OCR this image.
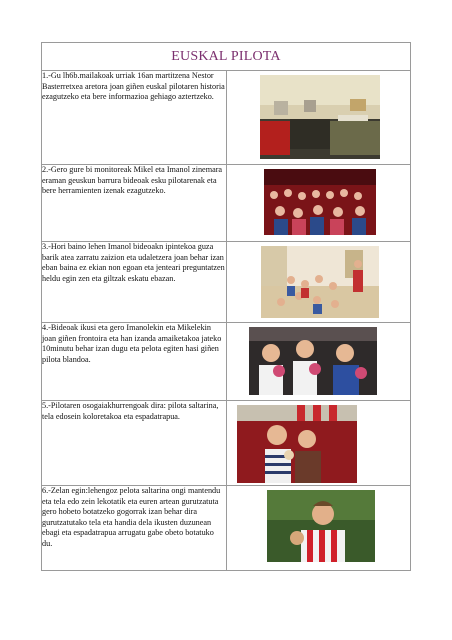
EUSKAL PILOTA	

1.-Gu lh6b.mailakoak urriak 16an martitzena Nestor Basterretxea aretora joan giñen euskal pilotaren historia ezagutzeko eta bere informazioa gehiago aztertzeko.

2.-Gero gure bi monitoreak Mikel eta Imanol zinemara eraman geuskun barrura bideoak esku pilotarenak eta bere herramienten izenak ezagutzeko.

3.-Hori baino lehen Imanol bideoakn ipintekoa guza barik atea zarratu zaizion eta udaletzera joan behar izan eban baina ez ekian non egoan eta jenteari preguntatzen heldu egin zen eta giltzak eskatu ebazan.

4.-Bideoak ikusi eta gero Imanolekin eta Mikelekin joan giñen frontoira eta han izanda amaiketakoa jateko 10minutu behar izan dugu eta pelota egiten hasi giñen pilota blandoa.

5.-Pilotaren osogaiakhurrengoak dira: pilota saltarina, tela edosein koloretakoa eta espadatrapua.

6.-Zelan egin:lehengoz pelota saltarina ongi mantendu eta tela edo zein lekotatik eta euren artean gurutzatuta gero hobeto botatzeko gogorrak izan behar dira gurutzatutako tela eta handia dela ikusten duzunean ebagi eta espadatrapua arrugatu gabe obeto botatuko du.
